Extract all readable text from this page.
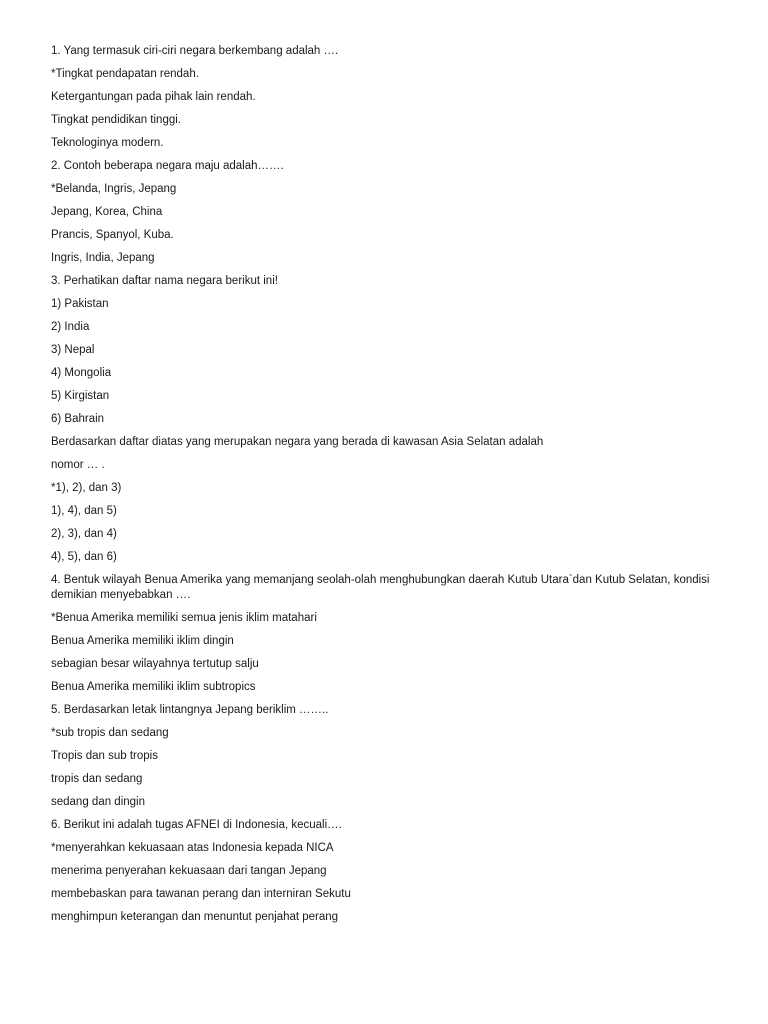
1. Yang termasuk ciri-ciri negara berkembang adalah ….
*Tingkat pendapatan rendah.
Ketergantungan pada pihak lain rendah.
Tingkat pendidikan tinggi.
Teknologinya modern.
2. Contoh beberapa negara maju adalah…….
*Belanda, Ingris, Jepang
Jepang, Korea, China
Prancis, Spanyol, Kuba.
Ingris, India, Jepang
3. Perhatikan daftar nama negara berikut ini!
1) Pakistan
2) India
3) Nepal
4) Mongolia
5) Kirgistan
6) Bahrain
Berdasarkan daftar diatas yang merupakan negara yang berada di kawasan Asia Selatan adalah
nomor … .
*1), 2), dan 3)
1), 4), dan 5)
2), 3), dan 4)
4), 5), dan 6)
4. Bentuk wilayah Benua Amerika yang memanjang seolah-olah menghubungkan daerah Kutub Utara`dan Kutub Selatan, kondisi demikian menyebabkan ….
*Benua Amerika memiliki semua jenis iklim matahari
Benua Amerika memiliki iklim dingin
sebagian besar wilayahnya tertutup salju
Benua Amerika memiliki iklim subtropics
5. Berdasarkan letak lintangnya Jepang beriklim ……..
*sub tropis dan sedang
Tropis dan sub tropis
tropis dan sedang
sedang dan dingin
6. Berikut ini adalah tugas AFNEI di Indonesia, kecuali….
*menyerahkan kekuasaan atas Indonesia kepada NICA
menerima penyerahan kekuasaan dari tangan Jepang
membebaskan para tawanan perang dan interniran Sekutu
menghimpun keterangan dan menuntut penjahat perang
